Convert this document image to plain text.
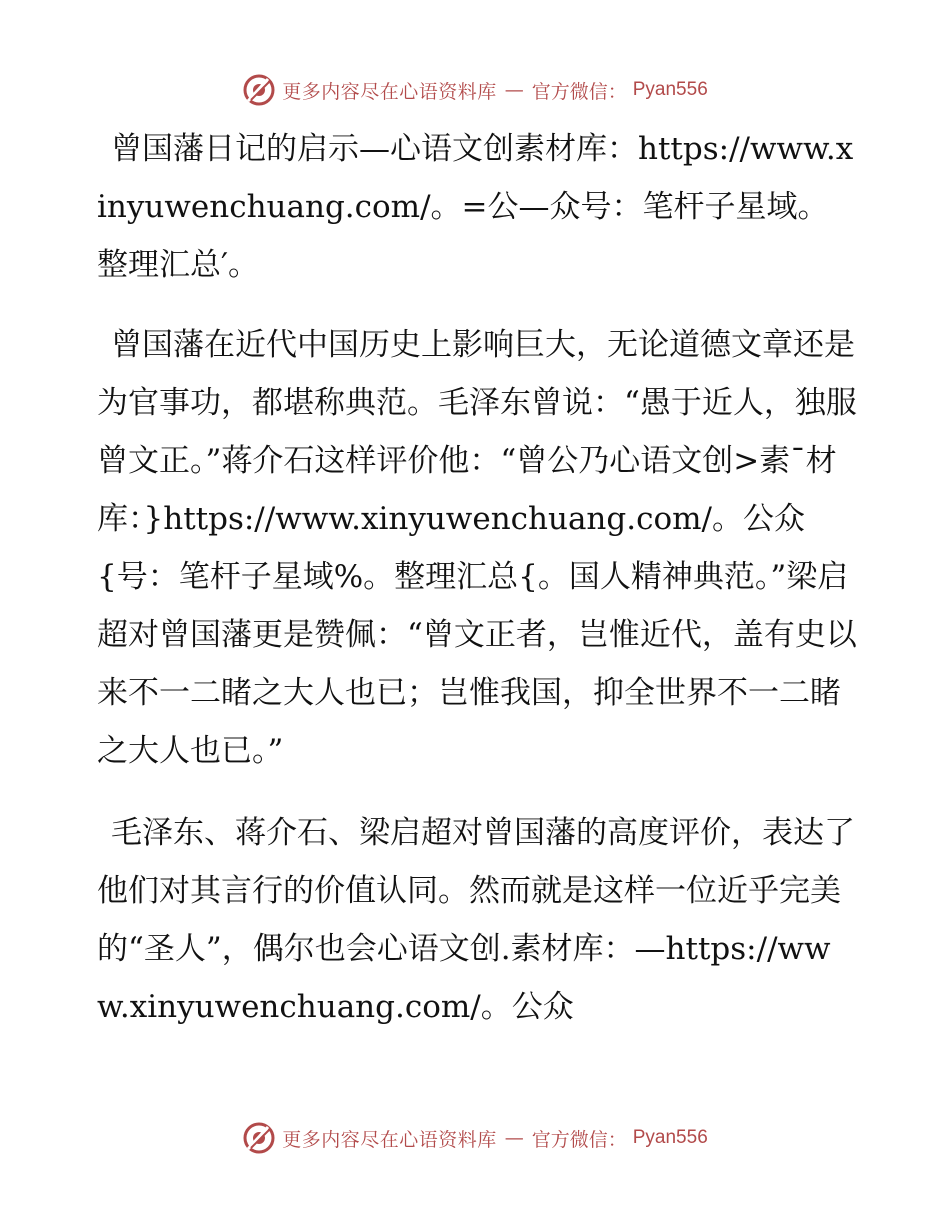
更多内容尽在心语资料库 — 官方微信： Pyan556

曾国藩日记的启示—心语文创素材库：https://www.xinyuwenchuang.com/。=公—众号：笔杆子星域。整理汇总′。

曾国藩在近代中国历史上影响巨大，无论道德文章还是为官事功，都堪称典范。毛泽东曾说：“愚于近人，独服曾文正。”蒋介石这样评价他：“曾公乃心语文创>素¯材库：}https://www.xinyuwenchuang.com/。公众{号：笔杆子星域%。整理汇总{。国人精神典范。”梁启超对曾国藩更是赞佩：“曾文正者，岂惟近代，盖有史以来不一二睹之大人也已；岂惟我国，抑全世界不一二睹之大人也已。”

毛泽东、蒋介石、梁启超对曾国藩的高度评价，表达了他们对其言行的价值认同。然而就是这样一位近乎完美的“圣人”，偶尔也会心语文创.素材库：—https://www.xinyuwenchuang.com/。公众

更多内容尽在心语资料库 — 官方微信： Pyan556
